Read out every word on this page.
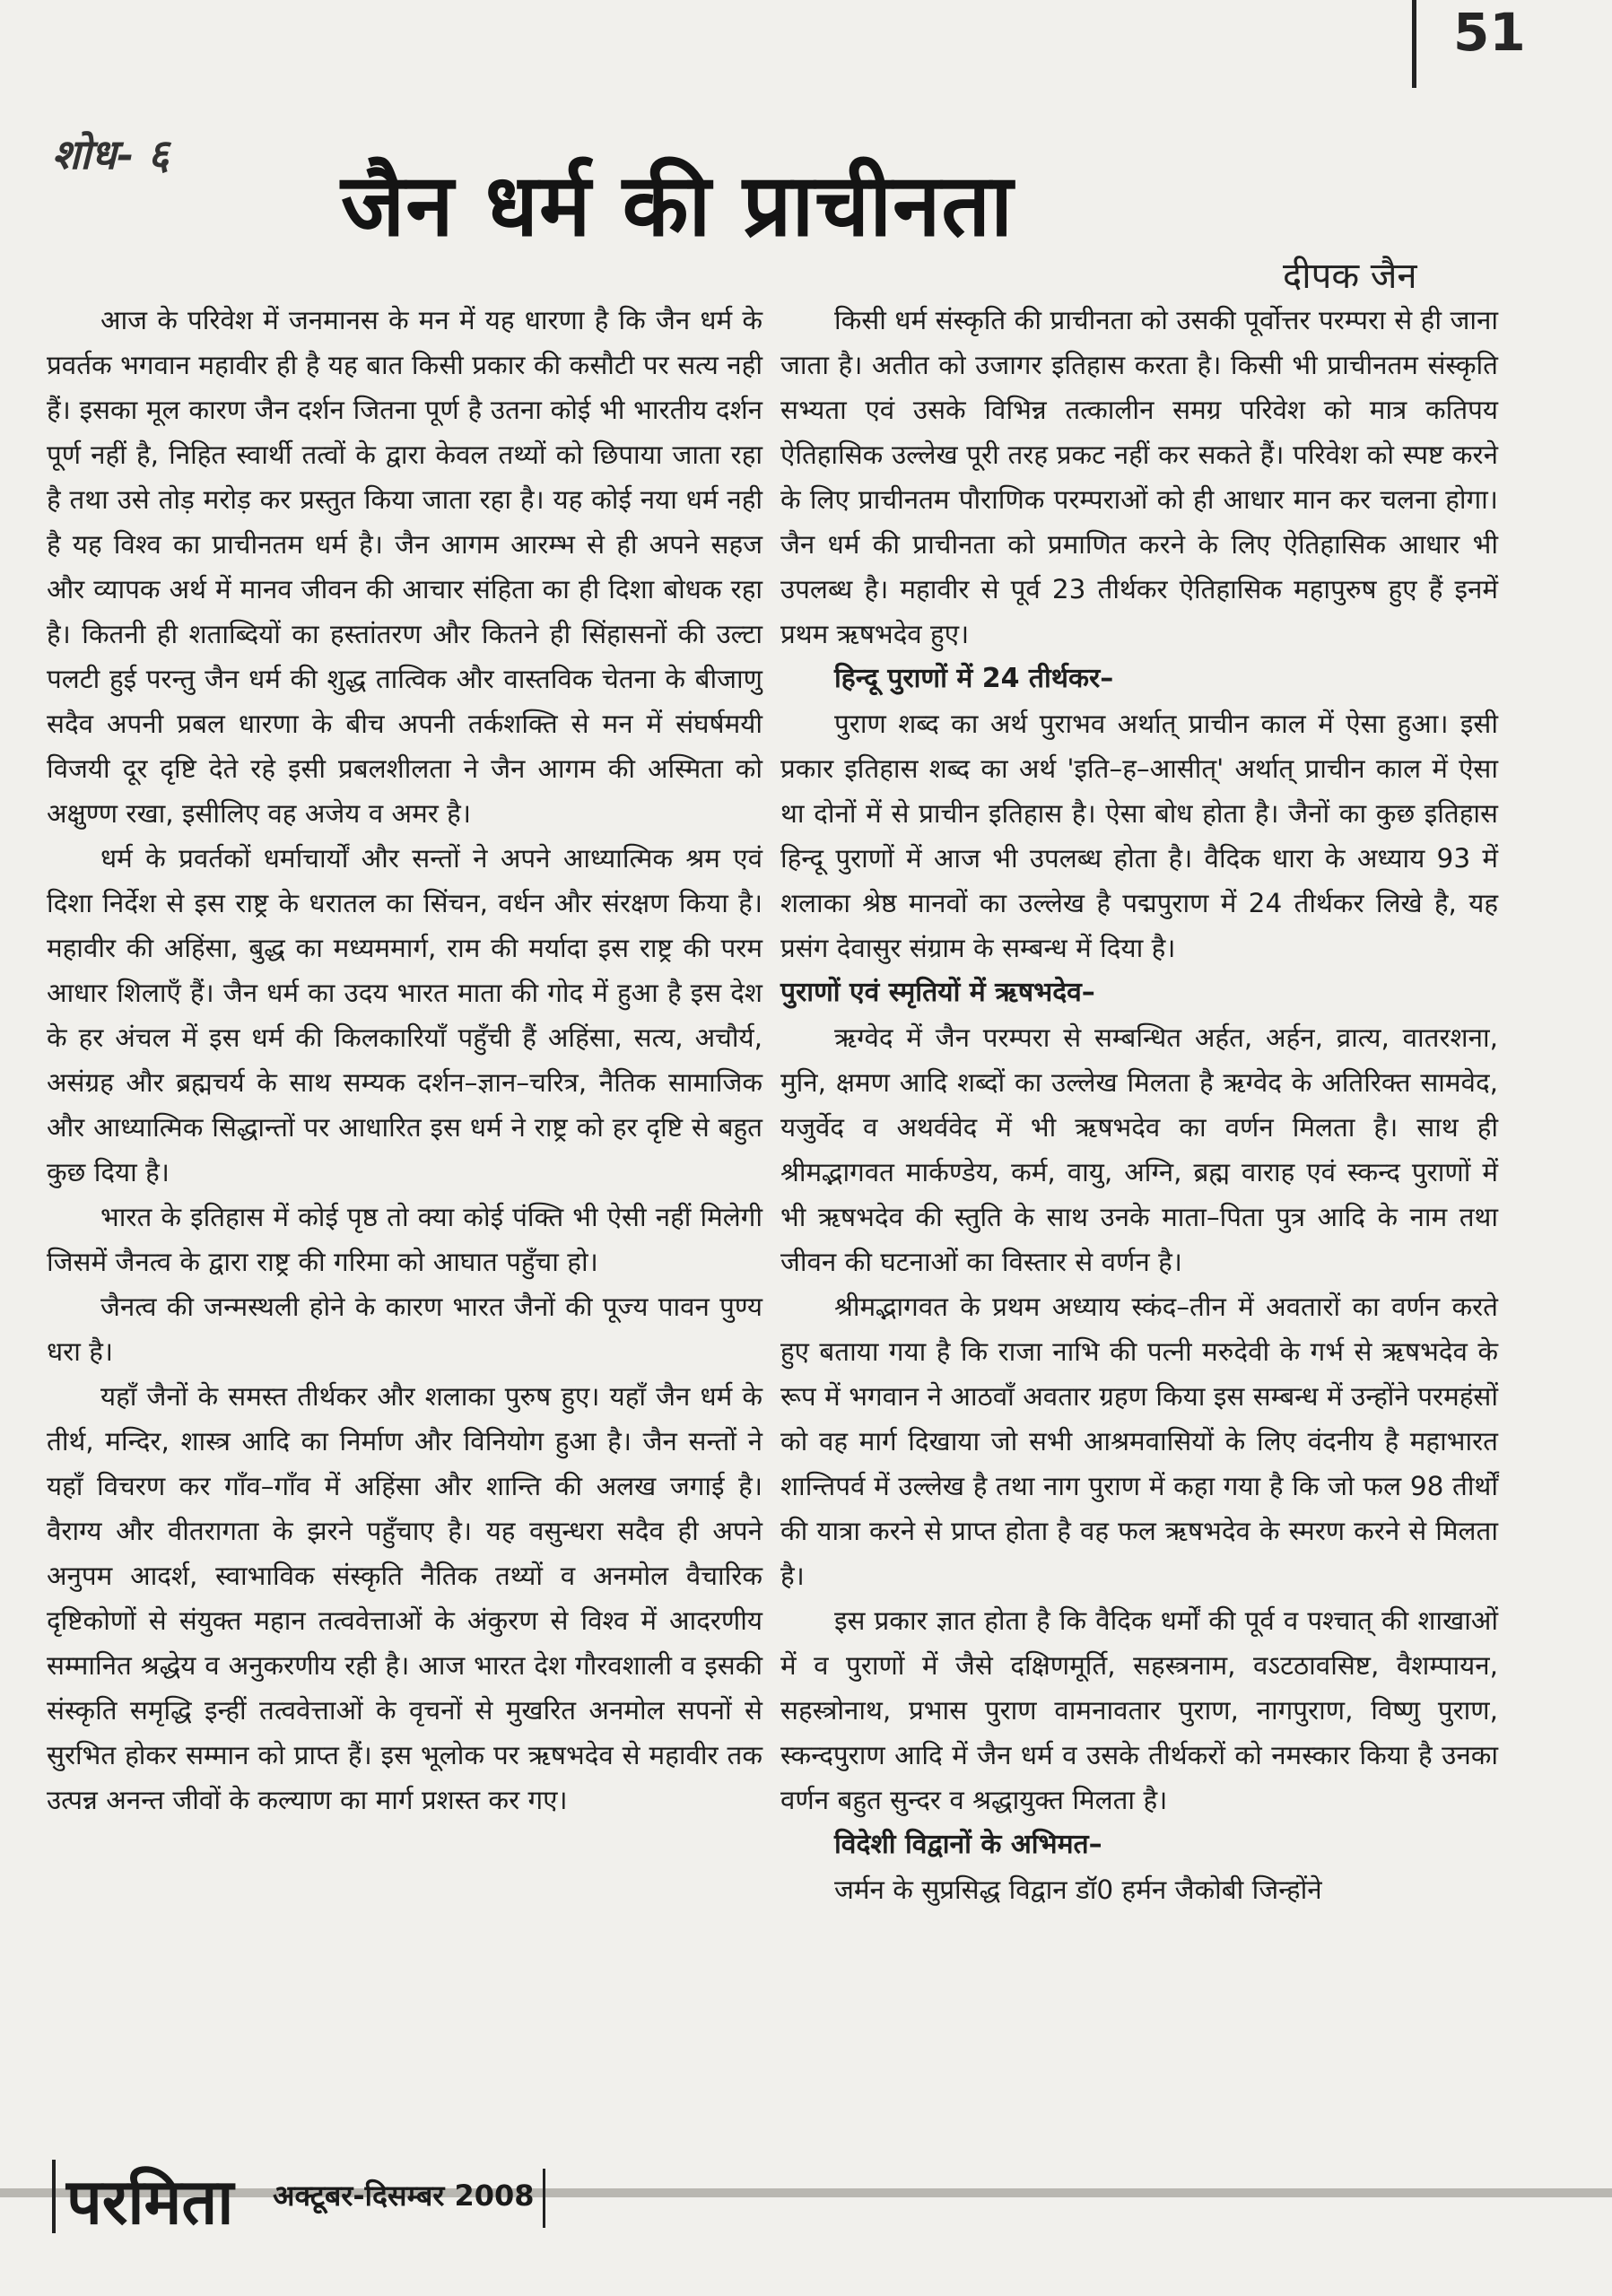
51
शोध- ६
जैन धर्म की प्राचीनता
दीपक जैन

आज के परिवेश में जनमानस के मन में यह धारणा है कि जैन धर्म के प्रवर्तक भगवान महावीर ही है यह बात किसी प्रकार की कसौटी पर सत्य नही हैं। इसका मूल कारण जैन दर्शन जितना पूर्ण है उतना कोई भी भारतीय दर्शन पूर्ण नहीं है, निहित स्वार्थी तत्वों के द्वारा केवल तथ्यों को छिपाया जाता रहा है तथा उसे तोड़ मरोड़ कर प्रस्तुत किया जाता रहा है। यह कोई नया धर्म नही है यह विश्व का प्राचीनतम धर्म है। जैन आगम आरम्भ से ही अपने सहज और व्यापक अर्थ में मानव जीवन की आचार संहिता का ही दिशा बोधक रहा है। कितनी ही शताब्दियों का हस्तांतरण और कितने ही सिंहासनों की उल्टा पलटी हुई परन्तु जैन धर्म की शुद्ध तात्विक और वास्तविक चेतना के बीजाणु सदैव अपनी प्रबल धारणा के बीच अपनी तर्कशक्ति से मन में संघर्षमयी विजयी दूर दृष्टि देते रहे इसी प्रबलशीलता ने जैन आगम की अस्मिता को अक्षुण्ण रखा, इसीलिए वह अजेय व अमर है।

धर्म के प्रवर्तकों धर्माचार्यों और सन्तों ने अपने आध्यात्मिक श्रम एवं दिशा निर्देश से इस राष्ट्र के धरातल का सिंचन, वर्धन और संरक्षण किया है। महावीर की अहिंसा, बुद्ध का मध्यममार्ग, राम की मर्यादा इस राष्ट्र की परम आधार शिलाएँ हैं। जैन धर्म का उदय भारत माता की गोद में हुआ है इस देश के हर अंचल में इस धर्म की किलकारियाँ पहुँची हैं अहिंसा, सत्य, अचौर्य, असंग्रह और ब्रह्मचर्य के साथ सम्यक दर्शन–ज्ञान–चरित्र, नैतिक सामाजिक और आध्यात्मिक सिद्धान्तों पर आधारित इस धर्म ने राष्ट्र को हर दृष्टि से बहुत कुछ दिया है।

भारत के इतिहास में कोई पृष्ठ तो क्या कोई पंक्ति भी ऐसी नहीं मिलेगी जिसमें जैनत्व के द्वारा राष्ट्र की गरिमा को आघात पहुँचा हो।

जैनत्व की जन्मस्थली होने के कारण भारत जैनों की पूज्य पावन पुण्य धरा है।

यहाँ जैनों के समस्त तीर्थकर और शलाका पुरुष हुए। यहाँ जैन धर्म के तीर्थ, मन्दिर, शास्त्र आदि का निर्माण और विनियोग हुआ है। जैन सन्तों ने यहाँ विचरण कर गाँव–गाँव में अहिंसा और शान्ति की अलख जगाई है। वैराग्य और वीतरागता के झरने पहुँचाए है। यह वसुन्धरा सदैव ही अपने अनुपम आदर्श, स्वाभाविक संस्कृति नैतिक तथ्यों व अनमोल वैचारिक दृष्टिकोणों से संयुक्त महान तत्ववेत्ताओं के अंकुरण से विश्व में आदरणीय सम्मानित श्रद्धेय व अनुकरणीय रही है। आज भारत देश गौरवशाली व इसकी संस्कृति समृद्धि इन्हीं तत्ववेत्ताओं के वृचनों से मुखरित अनमोल सपनों से सुरभित होकर सम्मान को प्राप्त हैं। इस भूलोक पर ऋषभदेव से महावीर तक उत्पन्न अनन्त जीवों के कल्याण का मार्ग प्रशस्त कर गए।

किसी धर्म संस्कृति की प्राचीनता को उसकी पूर्वोत्तर परम्परा से ही जाना जाता है। अतीत को उजागर इतिहास करता है। किसी भी प्राचीनतम संस्कृति सभ्यता एवं उसके विभिन्न तत्कालीन समग्र परिवेश को मात्र कतिपय ऐतिहासिक उल्लेख पूरी तरह प्रकट नहीं कर सकते हैं। परिवेश को स्पष्ट करने के लिए प्राचीनतम पौराणिक परम्पराओं को ही आधार मान कर चलना होगा। जैन धर्म की प्राचीनता को प्रमाणित करने के लिए ऐतिहासिक आधार भी उपलब्ध है। महावीर से पूर्व 23 तीर्थकर ऐतिहासिक महापुरुष हुए हैं इनमें प्रथम ऋषभदेव हुए।

हिन्दू पुराणों में 24 तीर्थकर–

पुराण शब्द का अर्थ पुराभव अर्थात् प्राचीन काल में ऐसा हुआ। इसी प्रकार इतिहास शब्द का अर्थ 'इति–ह–आसीत्' अर्थात् प्राचीन काल में ऐसा था दोनों में से प्राचीन इतिहास है। ऐसा बोध होता है। जैनों का कुछ इतिहास हिन्दू पुराणों में आज भी उपलब्ध होता है। वैदिक धारा के अध्याय 93 में शलाका श्रेष्ठ मानवों का उल्लेख है पद्मपुराण में 24 तीर्थकर लिखे है, यह प्रसंग देवासुर संग्राम के सम्बन्ध में दिया है।

पुराणों एवं स्मृतियों में ऋषभदेव–

ऋग्वेद में जैन परम्परा से सम्बन्धित अर्हत, अर्हन, व्रात्य, वातरशना, मुनि, क्षमण आदि शब्दों का उल्लेख मिलता है ऋग्वेद के अतिरिक्त सामवेद, यजुर्वेद व अथर्ववेद में भी ऋषभदेव का वर्णन मिलता है। साथ ही श्रीमद्भागवत मार्कण्डेय, कर्म, वायु, अग्नि, ब्रह्म वाराह एवं स्कन्द पुराणों में भी ऋषभदेव की स्तुति के साथ उनके माता–पिता पुत्र आदि के नाम तथा जीवन की घटनाओं का विस्तार से वर्णन है।

श्रीमद्भागवत के प्रथम अध्याय स्कंद–तीन में अवतारों का वर्णन करते हुए बताया गया है कि राजा नाभि की पत्नी मरुदेवी के गर्भ से ऋषभदेव के रूप में भगवान ने आठवाँ अवतार ग्रहण किया इस सम्बन्ध में उन्होंने परमहंसों को वह मार्ग दिखाया जो सभी आश्रमवासियों के लिए वंदनीय है महाभारत शान्तिपर्व में उल्लेख है तथा नाग पुराण में कहा गया है कि जो फल 98 तीर्थों की यात्रा करने से प्राप्त होता है वह फल ऋषभदेव के स्मरण करने से मिलता है।

इस प्रकार ज्ञात होता है कि वैदिक धर्मों की पूर्व व पश्चात् की शाखाओं में व पुराणों में जैसे दक्षिणमूर्ति, सहस्त्रनाम, वऽटठावसिष्ट, वैशम्पायन, सहस्त्रोनाथ, प्रभास पुराण वामनावतार पुराण, नागपुराण, विष्णु पुराण, स्कन्दपुराण आदि में जैन धर्म व उसके तीर्थकरों को नमस्कार किया है उनका वर्णन बहुत सुन्दर व श्रद्धायुक्त मिलता है।

विदेशी विद्वानों के अभिमत–

जर्मन के सुप्रसिद्ध विद्वान डॉ0 हर्मन जैकोबी जिन्होंने

परमिता अक्टूबर-दिसम्बर 2008
